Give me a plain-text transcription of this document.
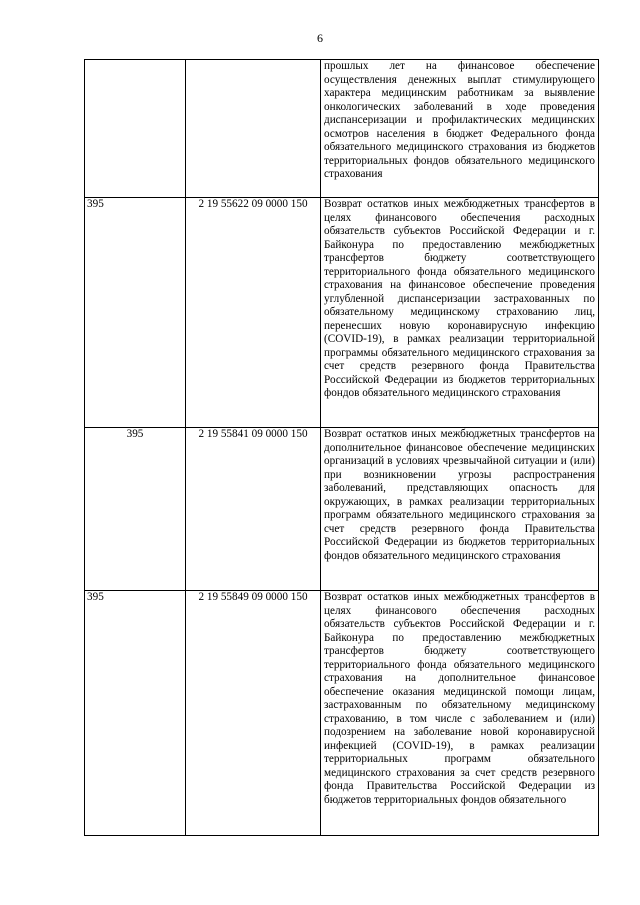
6
		прошлых лет на финансовое обеспечение осуществления денежных выплат стимулирующего характера медицинским работникам за выявление онкологических заболеваний в ходе проведения диспансеризации и профилактических медицинских осмотров населения в бюджет Федерального фонда обязательного медицинского страхования из бюджетов территориальных фондов обязательного медицинского страхования
395	2 19 55622 09 0000 150	Возврат остатков иных межбюджетных трансфертов в целях финансового обеспечения расходных обязательств субъектов Российской Федерации и г. Байконура по предоставлению межбюджетных трансфертов бюджету соответствующего территориального фонда обязательного медицинского страхования на финансовое обеспечение проведения углубленной диспансеризации застрахованных по обязательному медицинскому страхованию лиц, перенесших новую коронавирусную инфекцию (COVID-19), в рамках реализации территориальной программы обязательного медицинского страхования за счет средств резервного фонда Правительства Российской Федерации из бюджетов территориальных фондов обязательного медицинского страхования
395	2 19 55841 09 0000 150	Возврат остатков иных межбюджетных трансфертов на дополнительное финансовое обеспечение медицинских организаций в условиях чрезвычайной ситуации и (или) при возникновении угрозы распространения заболеваний, представляющих опасность для окружающих, в рамках реализации территориальных программ обязательного медицинского страхования за счет средств резервного фонда Правительства Российской Федерации из бюджетов территориальных фондов обязательного медицинского страхования
395	2 19 55849 09 0000 150	Возврат остатков иных межбюджетных трансфертов в целях финансового обеспечения расходных обязательств субъектов Российской Федерации и г. Байконура по предоставлению межбюджетных трансфертов бюджету соответствующего территориального фонда обязательного медицинского страхования на дополнительное финансовое обеспечение оказания медицинской помощи лицам, застрахованным по обязательному медицинскому страхованию, в том числе с заболеванием и (или) подозрением на заболевание новой коронавирусной инфекцией (COVID-19), в рамках реализации территориальных программ обязательного медицинского страхования за счет средств резервного фонда Правительства Российской Федерации из бюджетов территориальных фондов обязательного
